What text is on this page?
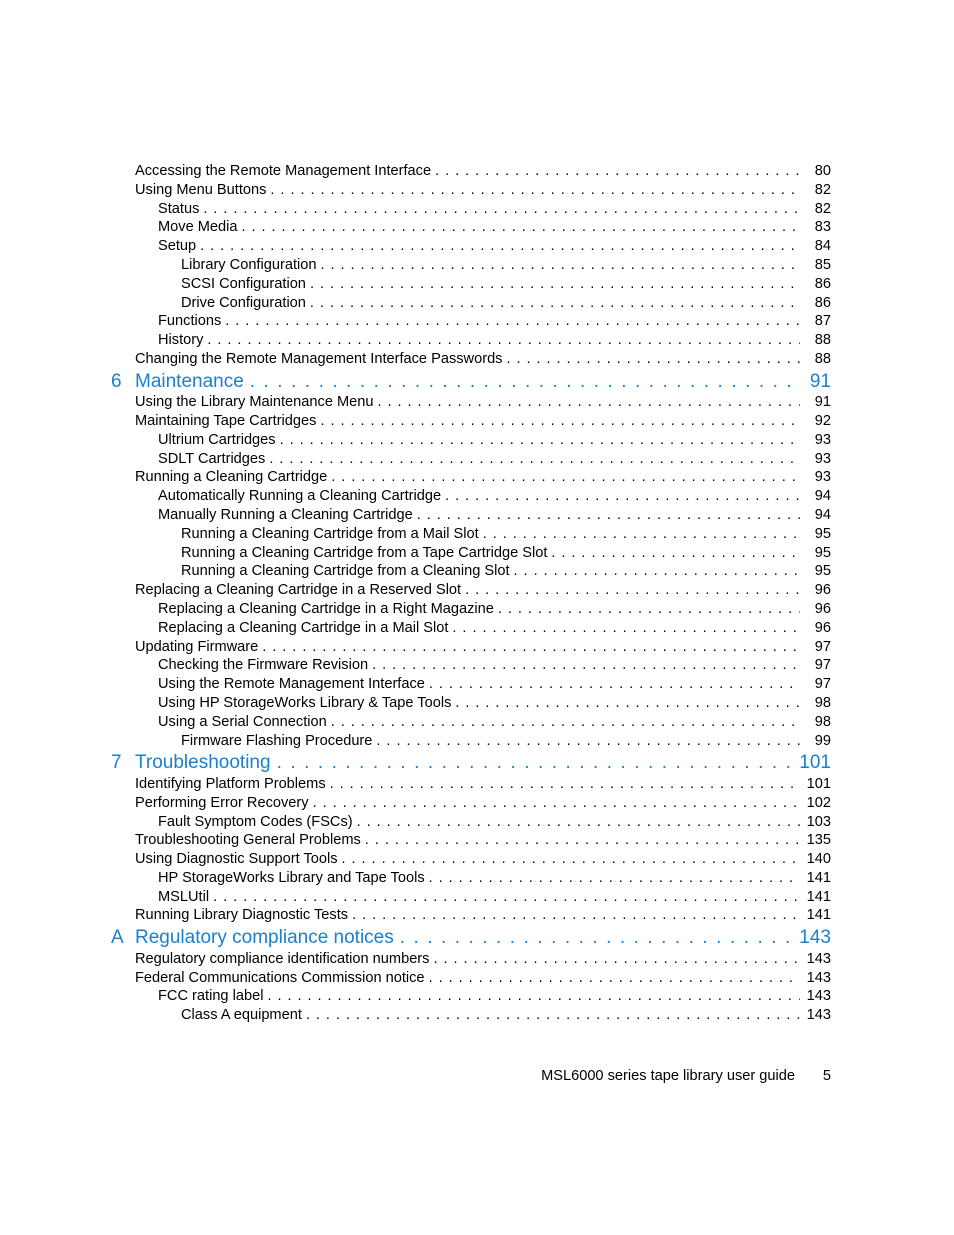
Accessing the Remote Management Interface . . .	80
Using Menu Buttons . . .	82
Status . . .	82
Move Media . . .	83
Setup . . .	84
Library Configuration . . .	85
SCSI Configuration . . .	86
Drive Configuration . . .	86
Functions . . .	87
History . . .	88
Changing the Remote Management Interface Passwords . . .	88
6 Maintenance . . .	91
Using the Library Maintenance Menu . . .	91
Maintaining Tape Cartridges . . .	92
Ultrium Cartridges . . .	93
SDLT Cartridges . . .	93
Running a Cleaning Cartridge . . .	93
Automatically Running a Cleaning Cartridge . . .	94
Manually Running a Cleaning Cartridge . . .	94
Running a Cleaning Cartridge from a Mail Slot . . .	95
Running a Cleaning Cartridge from a Tape Cartridge Slot . . .	95
Running a Cleaning Cartridge from a Cleaning Slot . . .	95
Replacing a Cleaning Cartridge in a Reserved Slot . . .	96
Replacing a Cleaning Cartridge in a Right Magazine . . .	96
Replacing a Cleaning Cartridge in a Mail Slot . . .	96
Updating Firmware . . .	97
Checking the Firmware Revision . . .	97
Using the Remote Management Interface . . .	97
Using HP StorageWorks Library & Tape Tools . . .	98
Using a Serial Connection . . .	98
Firmware Flashing Procedure . . .	99
7 Troubleshooting . . .	101
Identifying Platform Problems . . .	101
Performing Error Recovery . . .	102
Fault Symptom Codes (FSCs) . . .	103
Troubleshooting General Problems . . .	135
Using Diagnostic Support Tools . . .	140
HP StorageWorks Library and Tape Tools . . .	141
MSLUtil . . .	141
Running Library Diagnostic Tests . . .	141
A Regulatory compliance notices . . .	143
Regulatory compliance identification numbers . . .	143
Federal Communications Commission notice . . .	143
FCC rating label . . .	143
Class A equipment . . .	143
MSL6000 series tape library user guide 5
